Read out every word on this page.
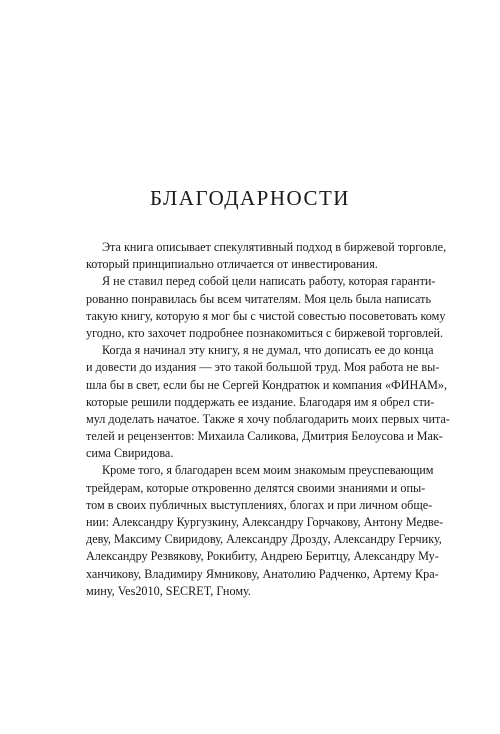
БЛАГОДАРНОСТИ
Эта книга описывает спекулятивный подход в биржевой торговле,
который принципиально отличается от инвестирования.
Я не ставил перед собой цели написать работу, которая гаранти-
рованно понравилась бы всем читателям. Моя цель была написать
такую книгу, которую я мог бы с чистой совестью посоветовать кому
угодно, кто захочет подробнее познакомиться с биржевой торговлей.
Когда я начинал эту книгу, я не думал, что дописать ее до конца
и довести до издания — это такой большой труд. Моя работа не вы-
шла бы в свет, если бы не Сергей Кондратюк и компания «ФИНАМ»,
которые решили поддержать ее издание. Благодаря им я обрел сти-
мул доделать начатое. Также я хочу поблагодарить моих первых чита-
телей и рецензентов: Михаила Саликова, Дмитрия Белоусова и Мак-
сима Свиридова.
Кроме того, я благодарен всем моим знакомым преуспевающим
трейдерам, которые откровенно делятся своими знаниями и опы-
том в своих публичных выступлениях, блогах и при личном обще-
нии: Александру Кургузкину, Александру Горчакову, Антону Медве-
деву, Максиму Свиридову, Александру Дроздy, Александру Герчику,
Александру Резвякову, Рокибиту, Андрею Беритцу, Александру Му-
ханчикову, Владимиру Ямникову, Анатолию Радченко, Артему Кра-
мину, Ves2010, SECRET, Гному.
